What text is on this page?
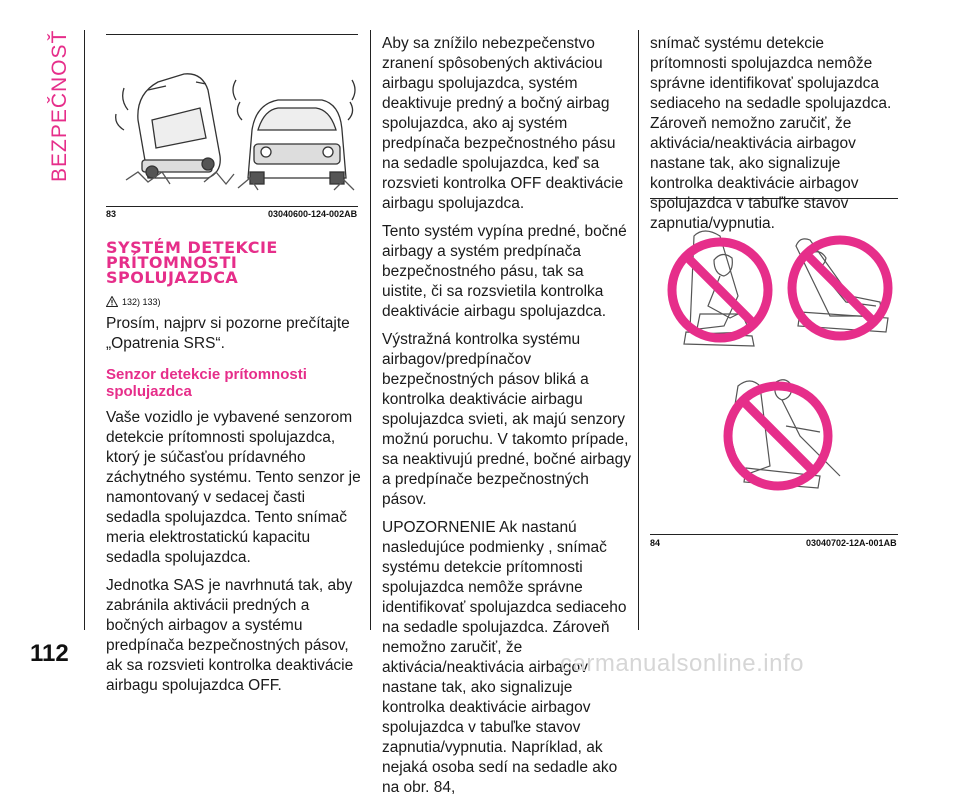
BEZPEČNOSŤ
112
83	03040600-124-002AB
SYSTÉM DETEKCIE PRÍTOMNOSTI SPOLUJAZDCA
132) 133)

Prosím, najprv si pozorne prečítajte „Opatrenia SRS“.

Senzor detekcie prítomnosti spolujazdca

Vaše vozidlo je vybavené senzorom detekcie prítomnosti spolujazdca, ktorý je súčasťou prídavného záchytného systému. Tento senzor je namontovaný v sedacej časti sedadla spolujazdca. Tento snímač meria elektrostatickú kapacitu sedadla spolujazdca.

Jednotka SAS je navrhnutá tak, aby zabránila aktivácii predných a bočných airbagov a systému predpínača bezpečnostných pásov, ak sa rozsvieti kontrolka deaktivácie airbagu spolujazdca OFF.

Aby sa znížilo nebezpečenstvo zranení spôsobených aktiváciou airbagu spolujazdca, systém deaktivuje predný a bočný airbag spolujazdca, ako aj systém predpínača bezpečnostného pásu na sedadle spolujazdca, keď sa rozsvieti kontrolka OFF deaktivácie airbagu spolujazdca.

Tento systém vypína predné, bočné airbagy a systém predpínača bezpečnostného pásu, tak sa uistite, či sa rozsvietila kontrolka deaktivácie airbagu spolujazdca.

Výstražná kontrolka systému airbagov/predpínačov bezpečnostných pásov bliká a kontrolka deaktivácie airbagu spolujazdca svieti, ak majú senzory možnú poruchu. V takomto prípade, sa neaktivujú predné, bočné airbagy a predpínače bezpečnostných pásov.

UPOZORNENIE Ak nastanú nasledujúce podmienky , snímač systému detekcie prítomnosti spolujazdca nemôže správne identifikovať spolujazdca sediaceho na sedadle spolujazdca. Zároveň nemožno zaručiť, že aktivácia/neaktivácia airbagov nastane tak, ako signalizuje kontrolka deaktivácie airbagov spolujazdca v tabuľke stavov zapnutia/vypnutia. Napríklad, ak nejaká osoba sedí na sedadle ako na obr. 84,

snímač systému detekcie prítomnosti spolujazdca nemôže správne identifikovať spolujazdca sediaceho na sedadle spolujazdca. Zároveň nemožno zaručiť, že aktivácia/neaktivácia airbagov nastane tak, ako signalizuje kontrolka deaktivácie airbagov spolujazdca v tabuľke stavov zapnutia/vypnutia.

84	03040702-12A-001AB
carmanualsonline.info
